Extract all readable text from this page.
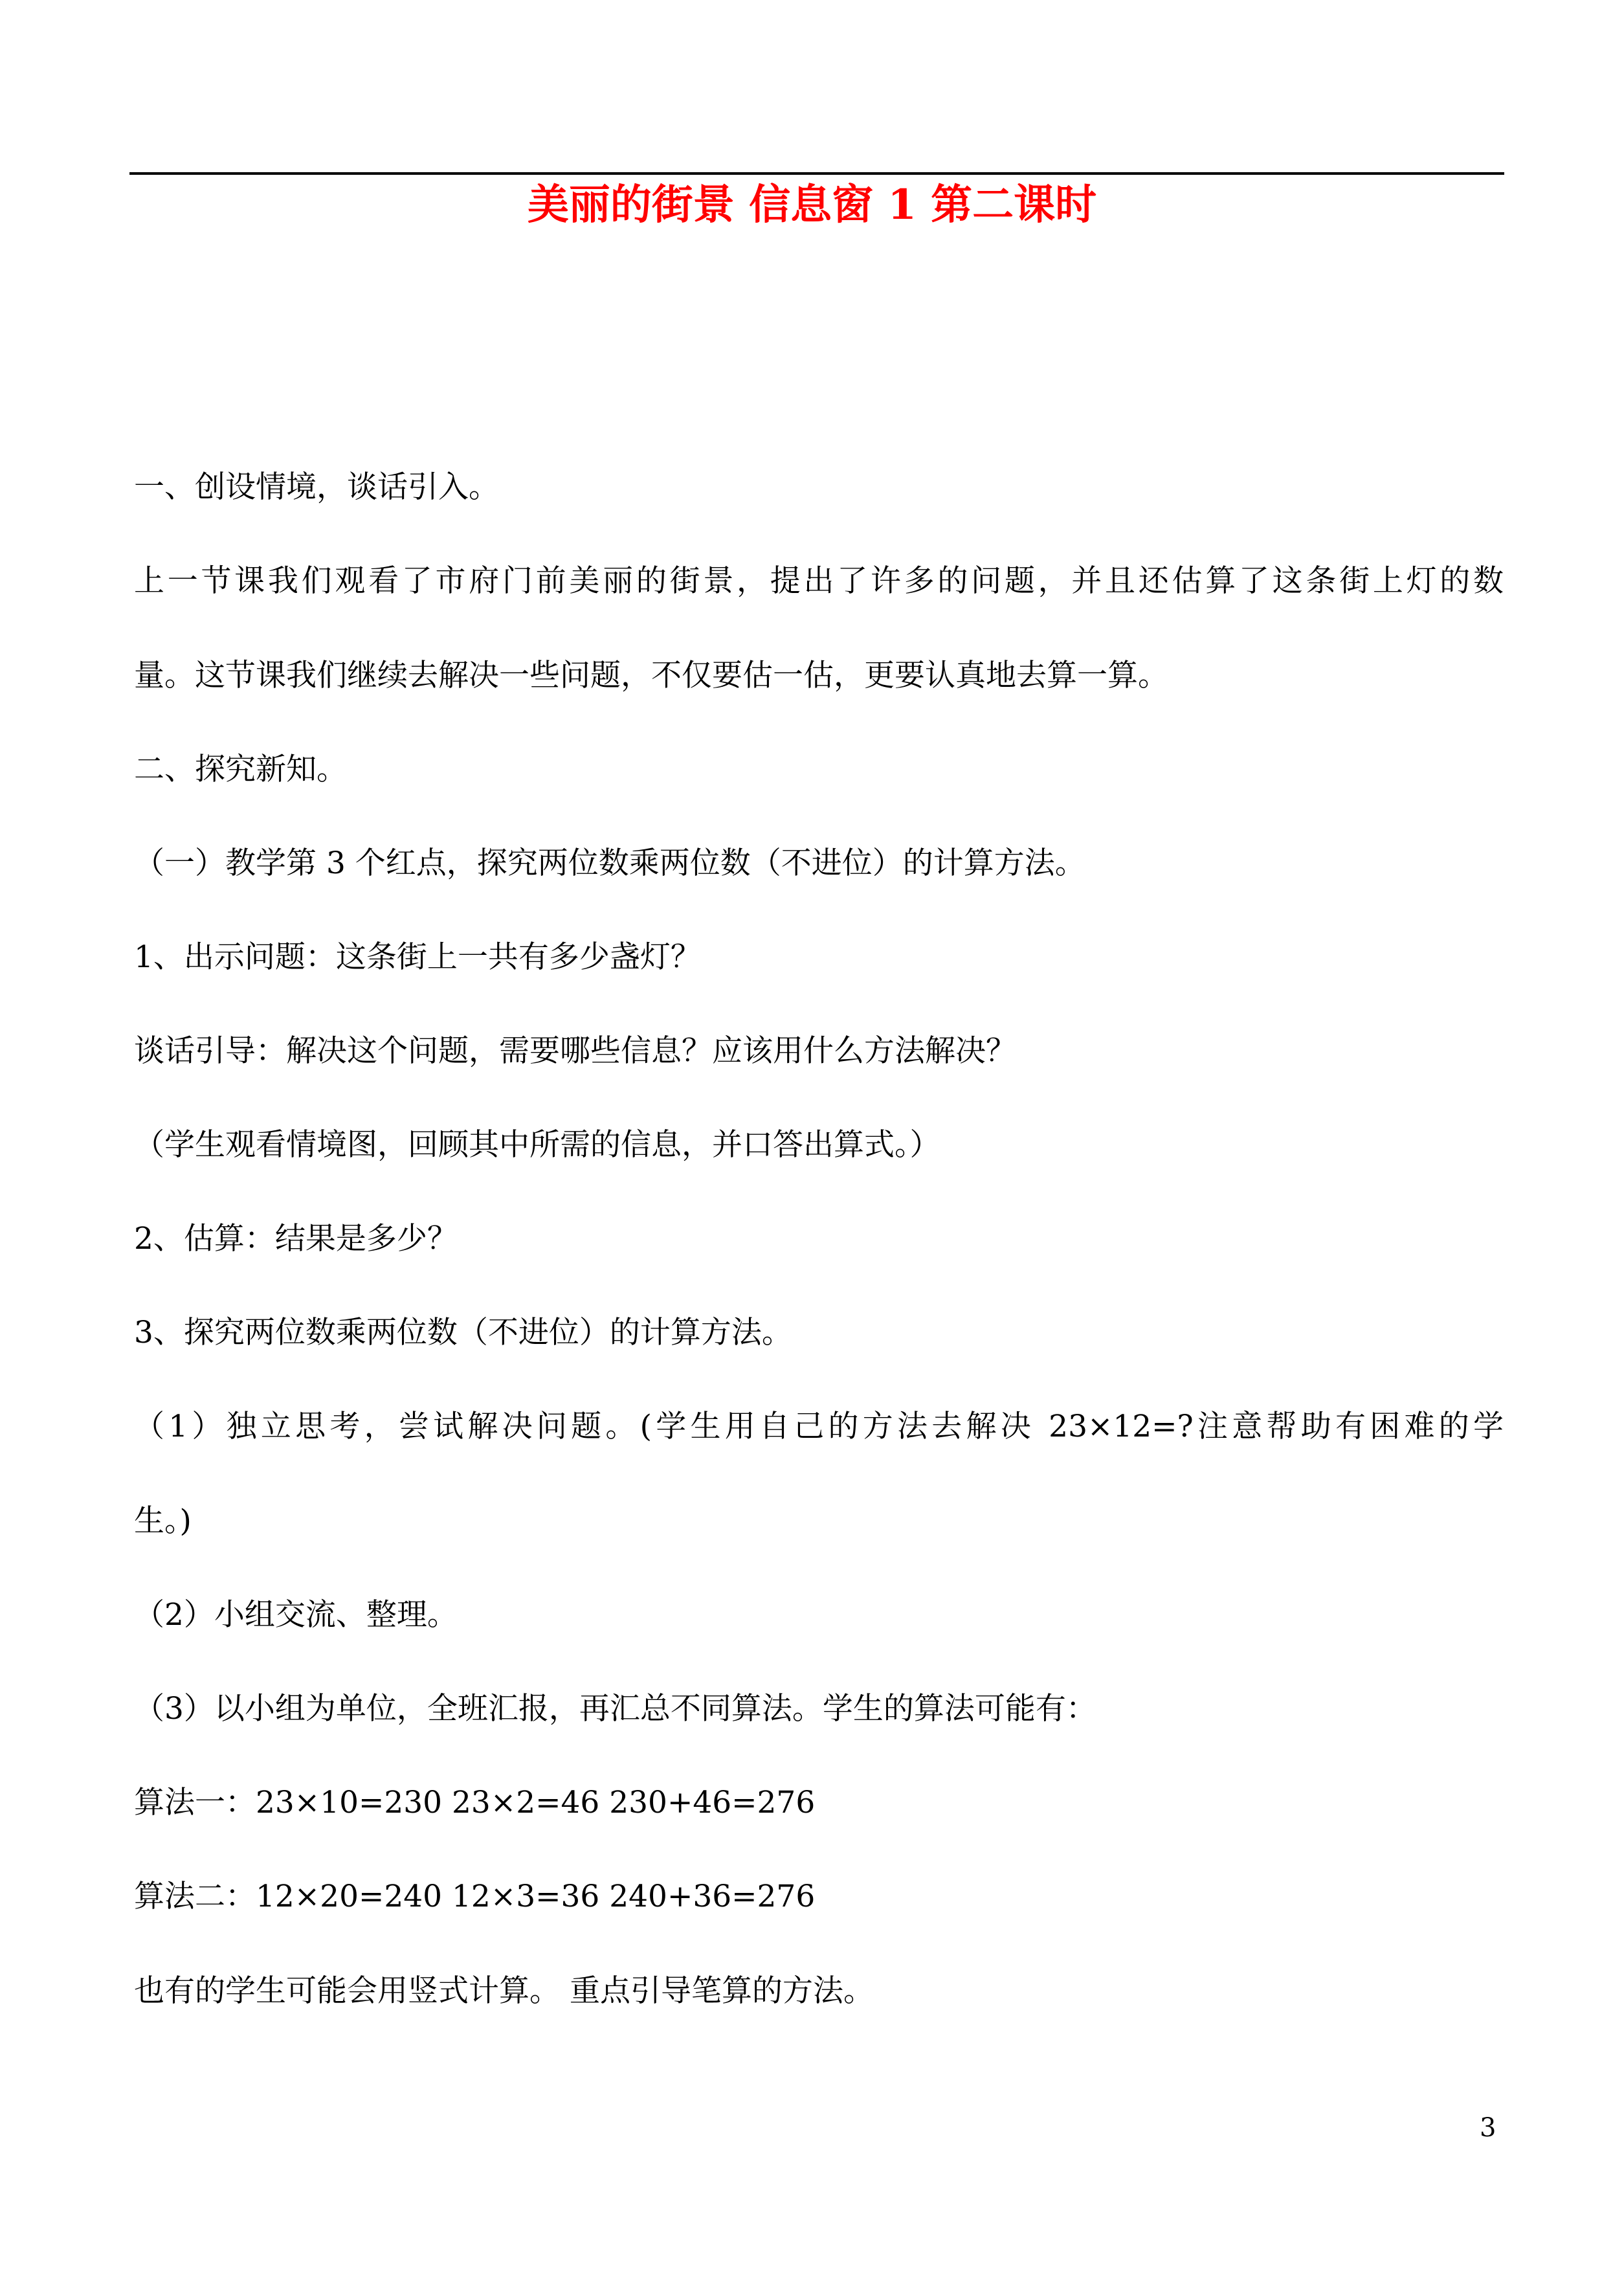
美丽的街景 信息窗 1 第二课时
一、创设情境，谈话引入。
上一节课我们观看了市府门前美丽的街景，提出了许多的问题，并且还估算了这条街上灯的数
量。这节课我们继续去解决一些问题，不仅要估一估，更要认真地去算一算。
二、探究新知。
（一）教学第 3 个红点，探究两位数乘两位数（不进位）的计算方法。
1、出示问题：这条街上一共有多少盏灯？
谈话引导：解决这个问题，需要哪些信息？应该用什么方法解决？
（学生观看情境图，回顾其中所需的信息，并口答出算式。）
2、估算：结果是多少？
3、探究两位数乘两位数（不进位）的计算方法。
（1）独立思考，尝试解决问题。(学生用自己的方法去解决 23×12=?注意帮助有困难的学
生。)
（2）小组交流、整理。
（3）以小组为单位，全班汇报，再汇总不同算法。学生的算法可能有：
算法一：23×10=230 23×2=46 230+46=276
算法二：12×20=240 12×3=36 240+36=276
也有的学生可能会用竖式计算。 重点引导笔算的方法。
3
